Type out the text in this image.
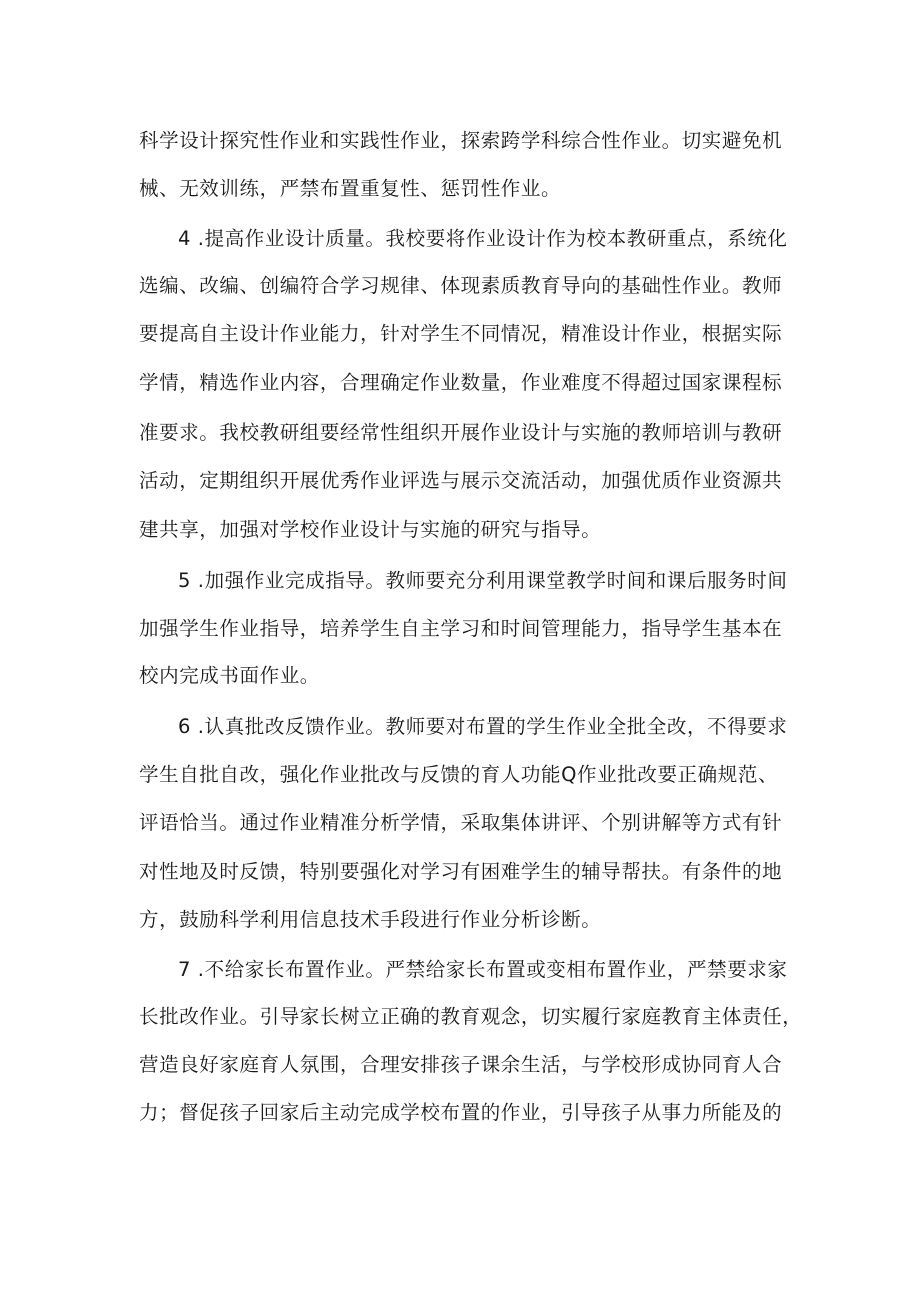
科学设计探究性作业和实践性作业，探索跨学科综合性作业。切实避免机
械、无效训练，严禁布置重复性、惩罚性作业。
4 .提高作业设计质量。我校要将作业设计作为校本教研重点，系统化
选编、改编、创编符合学习规律、体现素质教育导向的基础性作业。教师
要提高自主设计作业能力，针对学生不同情况，精准设计作业，根据实际
学情，精选作业内容，合理确定作业数量，作业难度不得超过国家课程标
准要求。我校教研组要经常性组织开展作业设计与实施的教师培训与教研
活动，定期组织开展优秀作业评选与展示交流活动，加强优质作业资源共
建共享，加强对学校作业设计与实施的研究与指导。
5 .加强作业完成指导。教师要充分利用课堂教学时间和课后服务时间
加强学生作业指导，培养学生自主学习和时间管理能力，指导学生基本在
校内完成书面作业。
6 .认真批改反馈作业。教师要对布置的学生作业全批全改，不得要求
学生自批自改，强化作业批改与反馈的育人功能Q作业批改要正确规范、
评语恰当。通过作业精准分析学情，采取集体讲评、个别讲解等方式有针
对性地及时反馈，特别要强化对学习有困难学生的辅导帮扶。有条件的地
方，鼓励科学利用信息技术手段进行作业分析诊断。
7 .不给家长布置作业。严禁给家长布置或变相布置作业，严禁要求家
长批改作业。引导家长树立正确的教育观念，切实履行家庭教育主体责任，
营造良好家庭育人氛围，合理安排孩子课余生活，与学校形成协同育人合
力；督促孩子回家后主动完成学校布置的作业，引导孩子从事力所能及的
